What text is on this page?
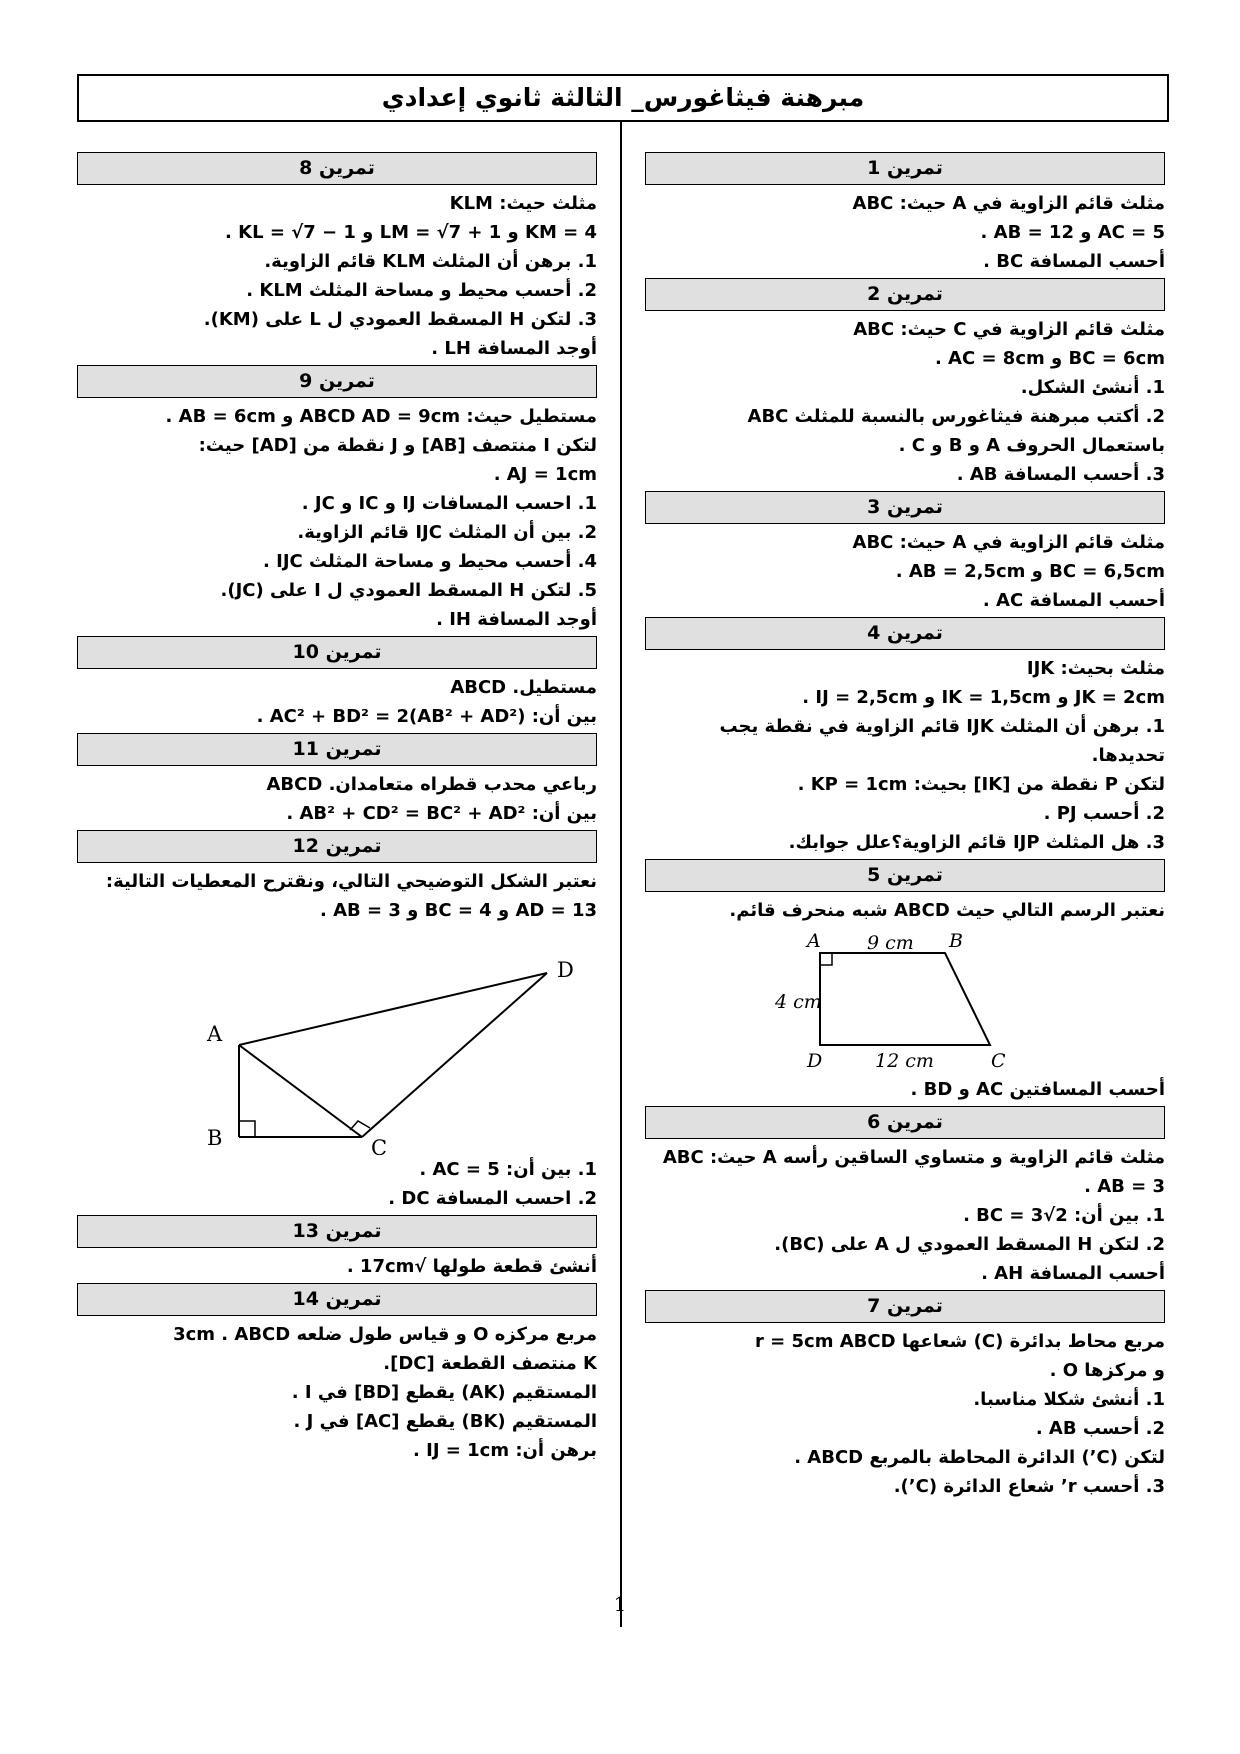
مبرهنة فيثاغورس_ الثالثة ثانوي إعدادي
تمرين 1
مثلث قائم الزاوية في A حيث: ABC
AC = 5 و AB = 12 .
أحسب المسافة BC .
تمرين 2
مثلث قائم الزاوية في C حيث: ABC
BC = 6cm و AC = 8cm .
1. أنشئ الشكل.
2. أكتب مبرهنة فيثاغورس بالنسبة للمثلث ABC
باستعمال الحروف A و B و C .
3. أحسب المسافة AB .
تمرين 3
مثلث قائم الزاوية في A حيث: ABC
BC = 6,5cm و AB = 2,5cm .
أحسب المسافة AC .
تمرين 4
مثلث بحيث: IJK
JK = 2cm و IK = 1,5cm و IJ = 2,5cm .
1. برهن أن المثلث IJK قائم الزاوية في نقطة يجب
تحديدها.
لتكن P نقطة من [IK] بحيث: KP = 1cm .
2. أحسب PJ .
3. هل المثلث IJP قائم الزاوية؟علل جوابك.
تمرين 5
نعتبر الرسم التالي حيث ABCD شبه منحرف قائم.
A	B
C
D
9 cm
4 cm
12 cm
أحسب المسافتين AC و BD .
تمرين 6
مثلث قائم الزاوية و متساوي الساقين رأسه A حيث: ABC
AB = 3 .
1. بين أن: BC = 3√2 .
2. لتكن H المسقط العمودي ل A على (BC).
أحسب المسافة AH .
تمرين 7
مربع محاط بدائرة (C) شعاعها r = 5cm ABCD
و مركزها O .
1. أنشئ شكلا مناسبا.
2. أحسب AB .
لتكن (C’) الدائرة المحاطة بالمربع ABCD .
3. أحسب r’ شعاع الدائرة (C’).
تمرين 8
مثلث حيث: KLM
KM = 4 و LM = √7 + 1 و KL = √7 − 1 .
1. برهن أن المثلث KLM قائم الزاوية.
2. أحسب محيط و مساحة المثلث KLM .
3. لتكن H المسقط العمودي ل L على (KM).
أوجد المسافة LH .
تمرين 9
مستطيل حيث: ABCD AD = 9cm و AB = 6cm .
لتكن I منتصف [AB] و J نقطة من [AD] حيث:
AJ = 1cm .
1. احسب المسافات IJ و IC و JC .
2. بين أن المثلث IJC قائم الزاوية.
4. أحسب محيط و مساحة المثلث IJC .
5. لتكن H المسقط العمودي ل I على (JC).
أوجد المسافة IH .
تمرين 10
مستطيل. ABCD
بين أن: AC² + BD² = 2(AB² + AD²) .
تمرين 11
رباعي محدب قطراه متعامدان. ABCD
بين أن: AB² + CD² = BC² + AD² .
تمرين 12
نعتبر الشكل التوضيحي التالي، ونقترح المعطيات التالية:
AD = 13 و BC = 4 و AB = 3 .
A
B	C
D
1. بين أن: AC = 5 .
2. احسب المسافة DC .
تمرين 13
أنشئ قطعة طولها √17cm .
تمرين 14
مربع مركزه O و قياس طول ضلعه 3cm . ABCD
K منتصف القطعة [DC].
المستقيم (AK) يقطع [BD] في I .
المستقيم (BK) يقطع [AC] في J .
برهن أن: IJ = 1cm .
1
